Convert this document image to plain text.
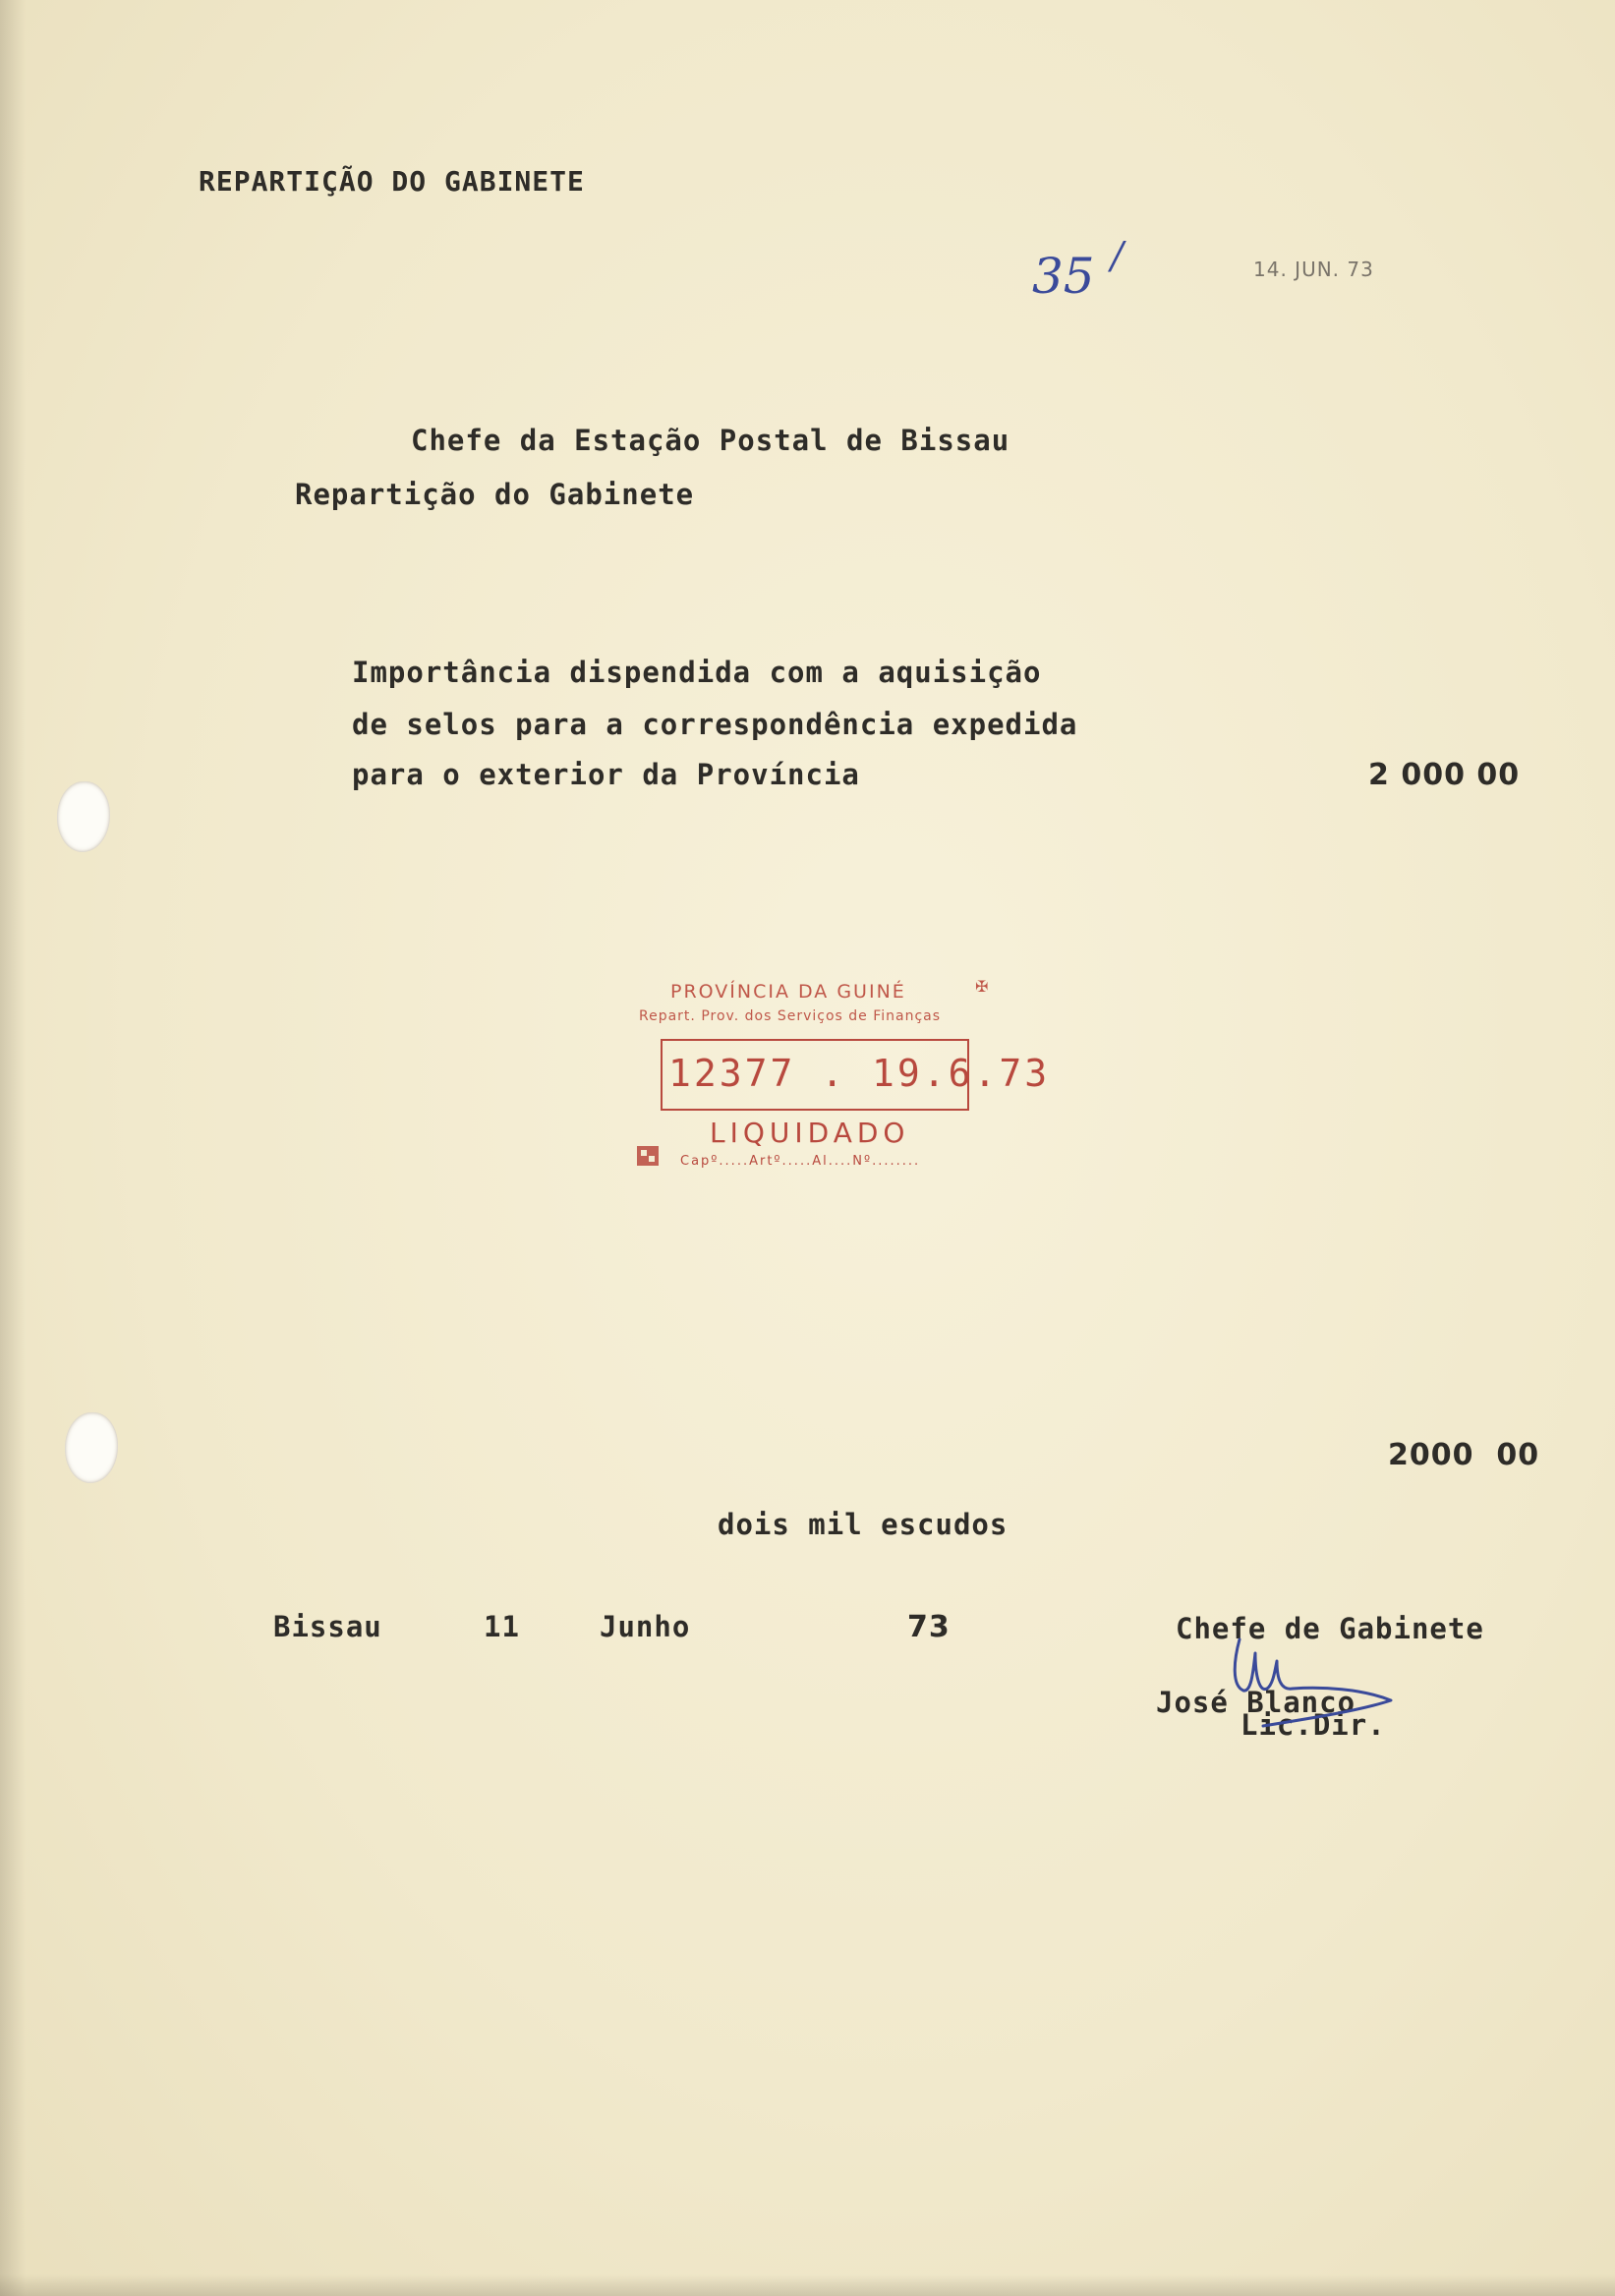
REPARTIÇÃO DO GABINETE
35 /	14. JUN. 73
Chefe da Estação Postal de Bissau
Repartição do Gabinete
Importância dispendida com a aquisição
de selos para a correspondência expedida
para o exterior da Província	2 000 00
PROVÍNCIA DA GUINÉ	✠
Repart. Prov. dos Serviços de Finanças
12377 . 19.6.73
LIQUIDADO
Capº.....Artº.....Al....Nº........
2000  00
dois mil escudos
Bissau	11	Junho	73	Chefe de Gabinete
José Blanco
Lic.Dir.
